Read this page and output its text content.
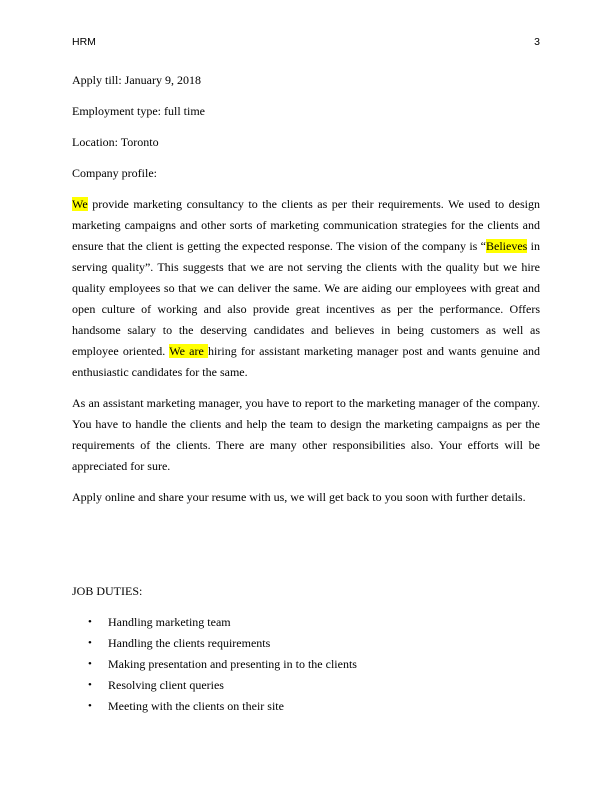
HRM	3

Apply till: January 9, 2018

Employment type: full time

Location: Toronto

Company profile:

We provide marketing consultancy to the clients as per their requirements. We used to design marketing campaigns and other sorts of marketing communication strategies for the clients and ensure that the client is getting the expected response. The vision of the company is “Believes in serving quality”. This suggests that we are not serving the clients with the quality but we hire quality employees so that we can deliver the same. We are aiding our employees with great and open culture of working and also provide great incentives as per the performance. Offers handsome salary to the deserving candidates and believes in being customers as well as employee oriented. We are hiring for assistant marketing manager post and wants genuine and enthusiastic candidates for the same.

As an assistant marketing manager, you have to report to the marketing manager of the company. You have to handle the clients and help the team to design the marketing campaigns as per the requirements of the clients. There are many other responsibilities also. Your efforts will be appreciated for sure.

Apply online and share your resume with us, we will get back to you soon with further details.

JOB DUTIES:

• Handling marketing team
• Handling the clients requirements
• Making presentation and presenting in to the clients
• Resolving client queries
• Meeting with the clients on their site
